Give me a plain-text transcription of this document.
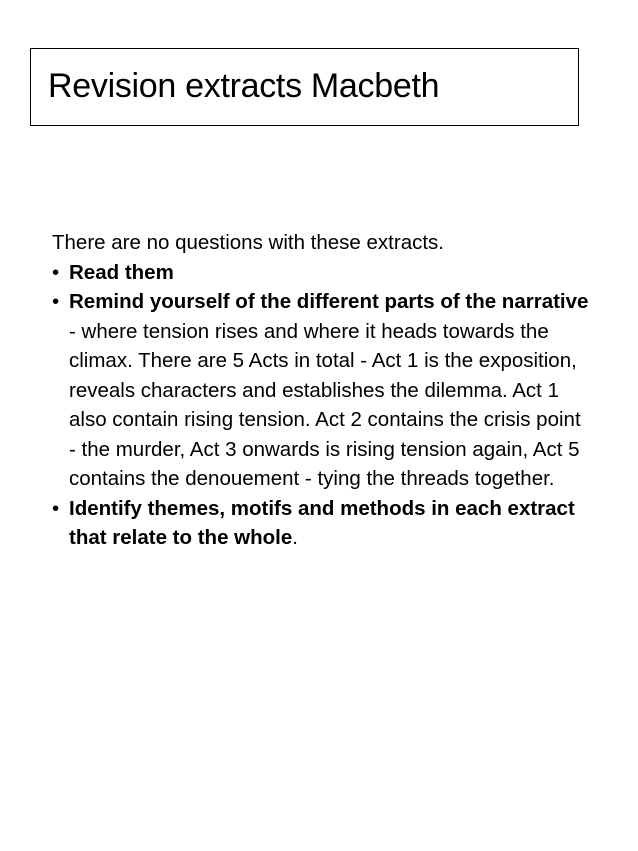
Revision extracts Macbeth

There are no questions with these extracts.

• Read them
• Remind yourself of the different parts of the narrative - where tension rises and where it heads towards the climax. There are 5 Acts in total - Act 1 is the exposition, reveals characters and establishes the dilemma. Act 1 also contain rising tension. Act 2 contains the crisis point - the murder, Act 3 onwards is rising tension again, Act 5 contains the denouement - tying the threads together.
• Identify themes, motifs and methods in each extract that relate to the whole.
